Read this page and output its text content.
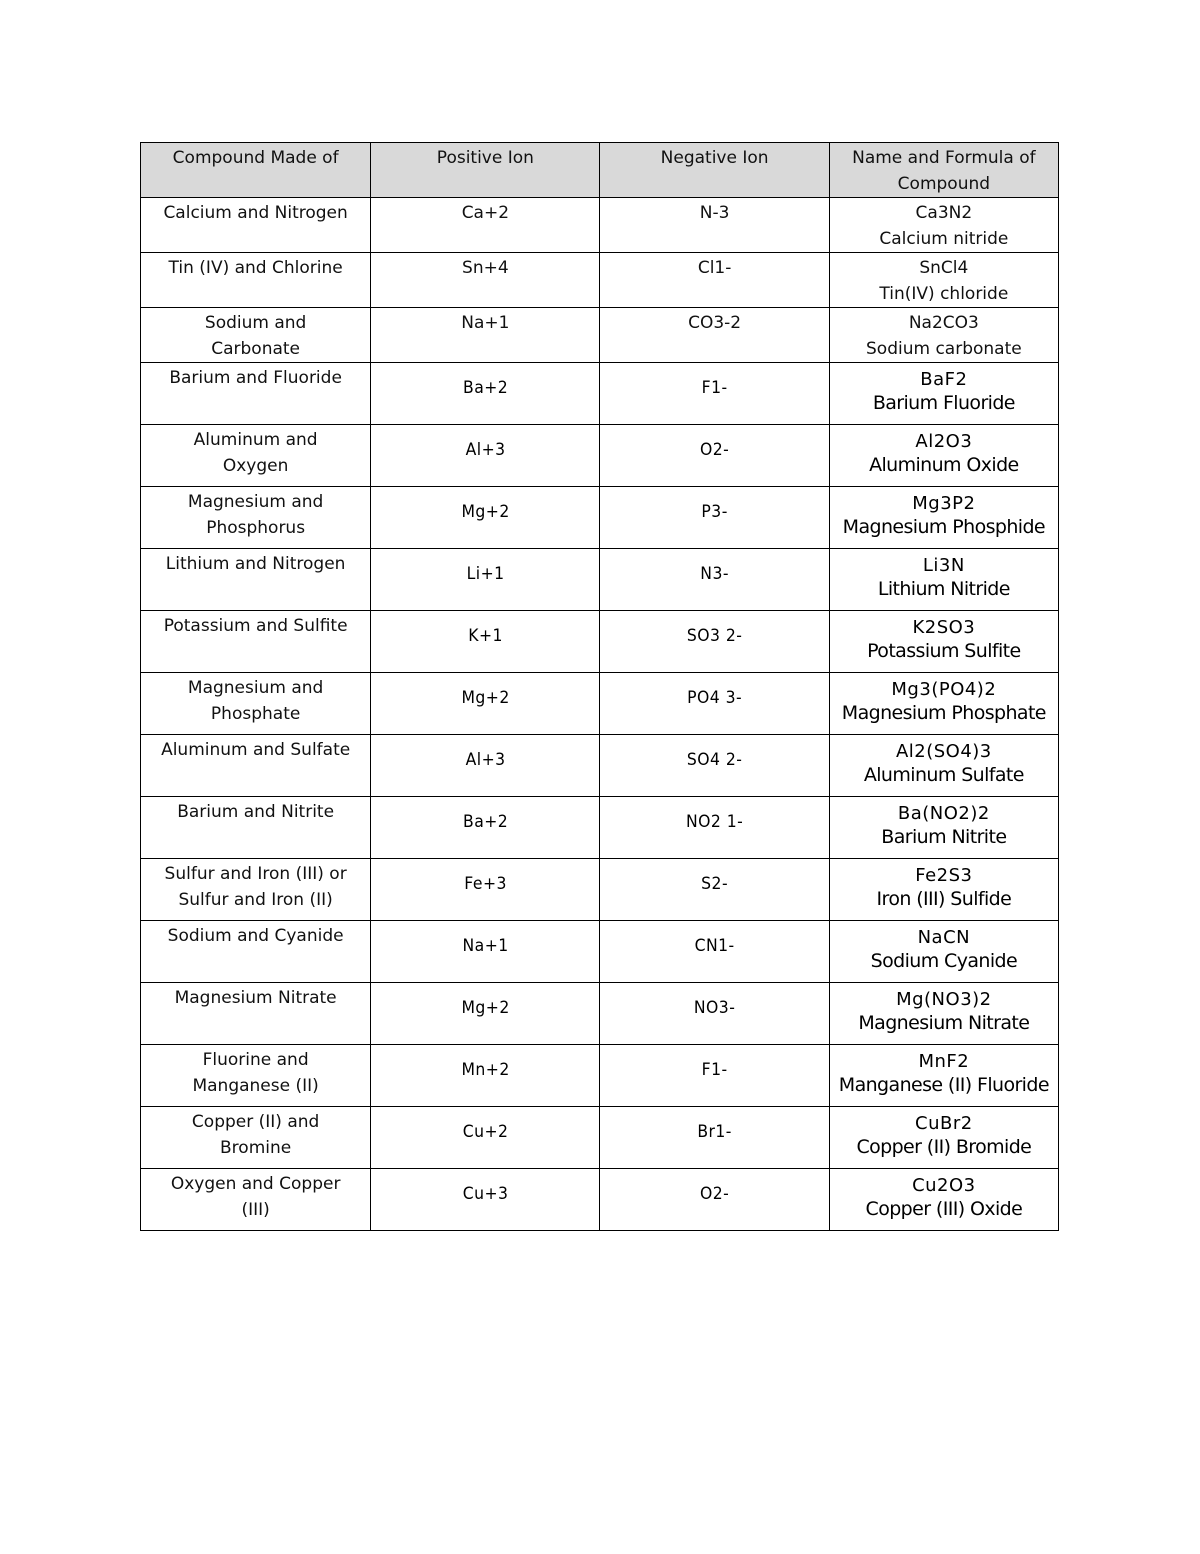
Compound Made of	Positive Ion	Negative Ion	Name and Formula of Compound
Calcium and Nitrogen	Ca+2	N-3	Ca3N2
Calcium nitride

Tin (IV) and Chlorine	Sn+4	Cl1-	SnCl4
Tin(IV) chloride

Sodium and Carbonate	Na+1	CO3-2	Na2CO3
Sodium carbonate

Barium and Fluoride	Ba+2	F1-	BaF2
Barium Fluoride

Aluminum and Oxygen	Al+3	O2-	Al2O3
Aluminum Oxide

Magnesium and Phosphorus	Mg+2	P3-	Mg3P2
Magnesium Phosphide

Lithium and Nitrogen	Li+1	N3-	Li3N
Lithium Nitride

Potassium and Sulfite	K+1	SO3 2-	K2SO3
Potassium Sulfite

Magnesium and Phosphate	Mg+2	PO4 3-	Mg3(PO4)2
Magnesium Phosphate

Aluminum and Sulfate	Al+3	SO4 2-	Al2(SO4)3
Aluminum Sulfate

Barium and Nitrite	Ba+2	NO2 1-	Ba(NO2)2
Barium Nitrite

Sulfur and Iron (III) or Sulfur and Iron (II)	Fe+3	S2-	Fe2S3
Iron (III) Sulfide

Sodium and Cyanide	Na+1	CN1-	NaCN
Sodium Cyanide

Magnesium Nitrate	Mg+2	NO3-	Mg(NO3)2
Magnesium Nitrate

Fluorine and Manganese (II)	Mn+2	F1-	MnF2
Manganese (II) Fluoride

Copper (II) and Bromine	Cu+2	Br1-	CuBr2
Copper (II) Bromide

Oxygen and Copper (III)	Cu+3	O2-	Cu2O3
Copper (III) Oxide
